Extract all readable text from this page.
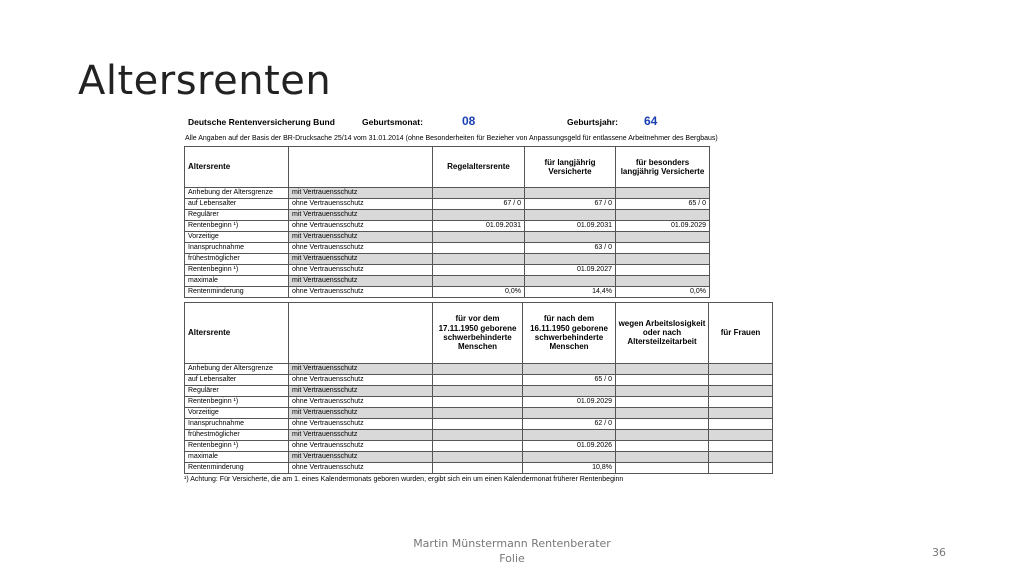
Altersrenten
Deutsche Rentenversicherung Bund	Geburtsmonat:	08	Geburtsjahr: 64
Alle Angaben auf der Basis der BR-Drucksache 25/14 vom 31.01.2014 (ohne Besonderheiten für Bezieher von Anpassungsgeld für entlassene Arbeitnehmer des Bergbaus)
Altersrente		Regelaltersrente	für langjährig Versicherte	für besonders langjährig Versicherte
Anhebung der Altersgrenze	mit Vertrauensschutz			
auf Lebensalter	ohne Vertrauensschutz	67 / 0	67 / 0	65 / 0
Regulärer	mit Vertrauensschutz			
Rentenbeginn ¹)	ohne Vertrauensschutz	01.09.2031	01.09.2031	01.09.2029
Vorzeitige	mit Vertrauensschutz			
Inanspruchnahme	ohne Vertrauensschutz		63 / 0	
frühestmöglicher	mit Vertrauensschutz			
Rentenbeginn ¹)	ohne Vertrauensschutz		01.09.2027	
maximale	mit Vertrauensschutz			
Rentenminderung	ohne Vertrauensschutz	0,0%	14,4%	0,0%
Altersrente		für vor dem 17.11.1950 geborene schwerbehinderte Menschen	für nach dem 16.11.1950 geborene schwerbehinderte Menschen	wegen Arbeitslosigkeit oder nach Altersteilzeitarbeit	für Frauen
Anhebung der Altersgrenze	mit Vertrauensschutz				
auf Lebensalter	ohne Vertrauensschutz		65 / 0		
Regulärer	mit Vertrauensschutz				
Rentenbeginn ¹)	ohne Vertrauensschutz		01.09.2029		
Vorzeitige	mit Vertrauensschutz				
Inanspruchnahme	ohne Vertrauensschutz		62 / 0		
frühestmöglicher	mit Vertrauensschutz				
Rentenbeginn ¹)	ohne Vertrauensschutz		01.09.2026		
maximale	mit Vertrauensschutz				
Rentenminderung	ohne Vertrauensschutz		10,8%		
¹) Achtung: Für Versicherte, die am 1. eines Kalendermonats geboren wurden, ergibt sich ein um einen Kalendermonat früherer Rentenbeginn
Martin Münstermann Rentenberater
Folie	36
